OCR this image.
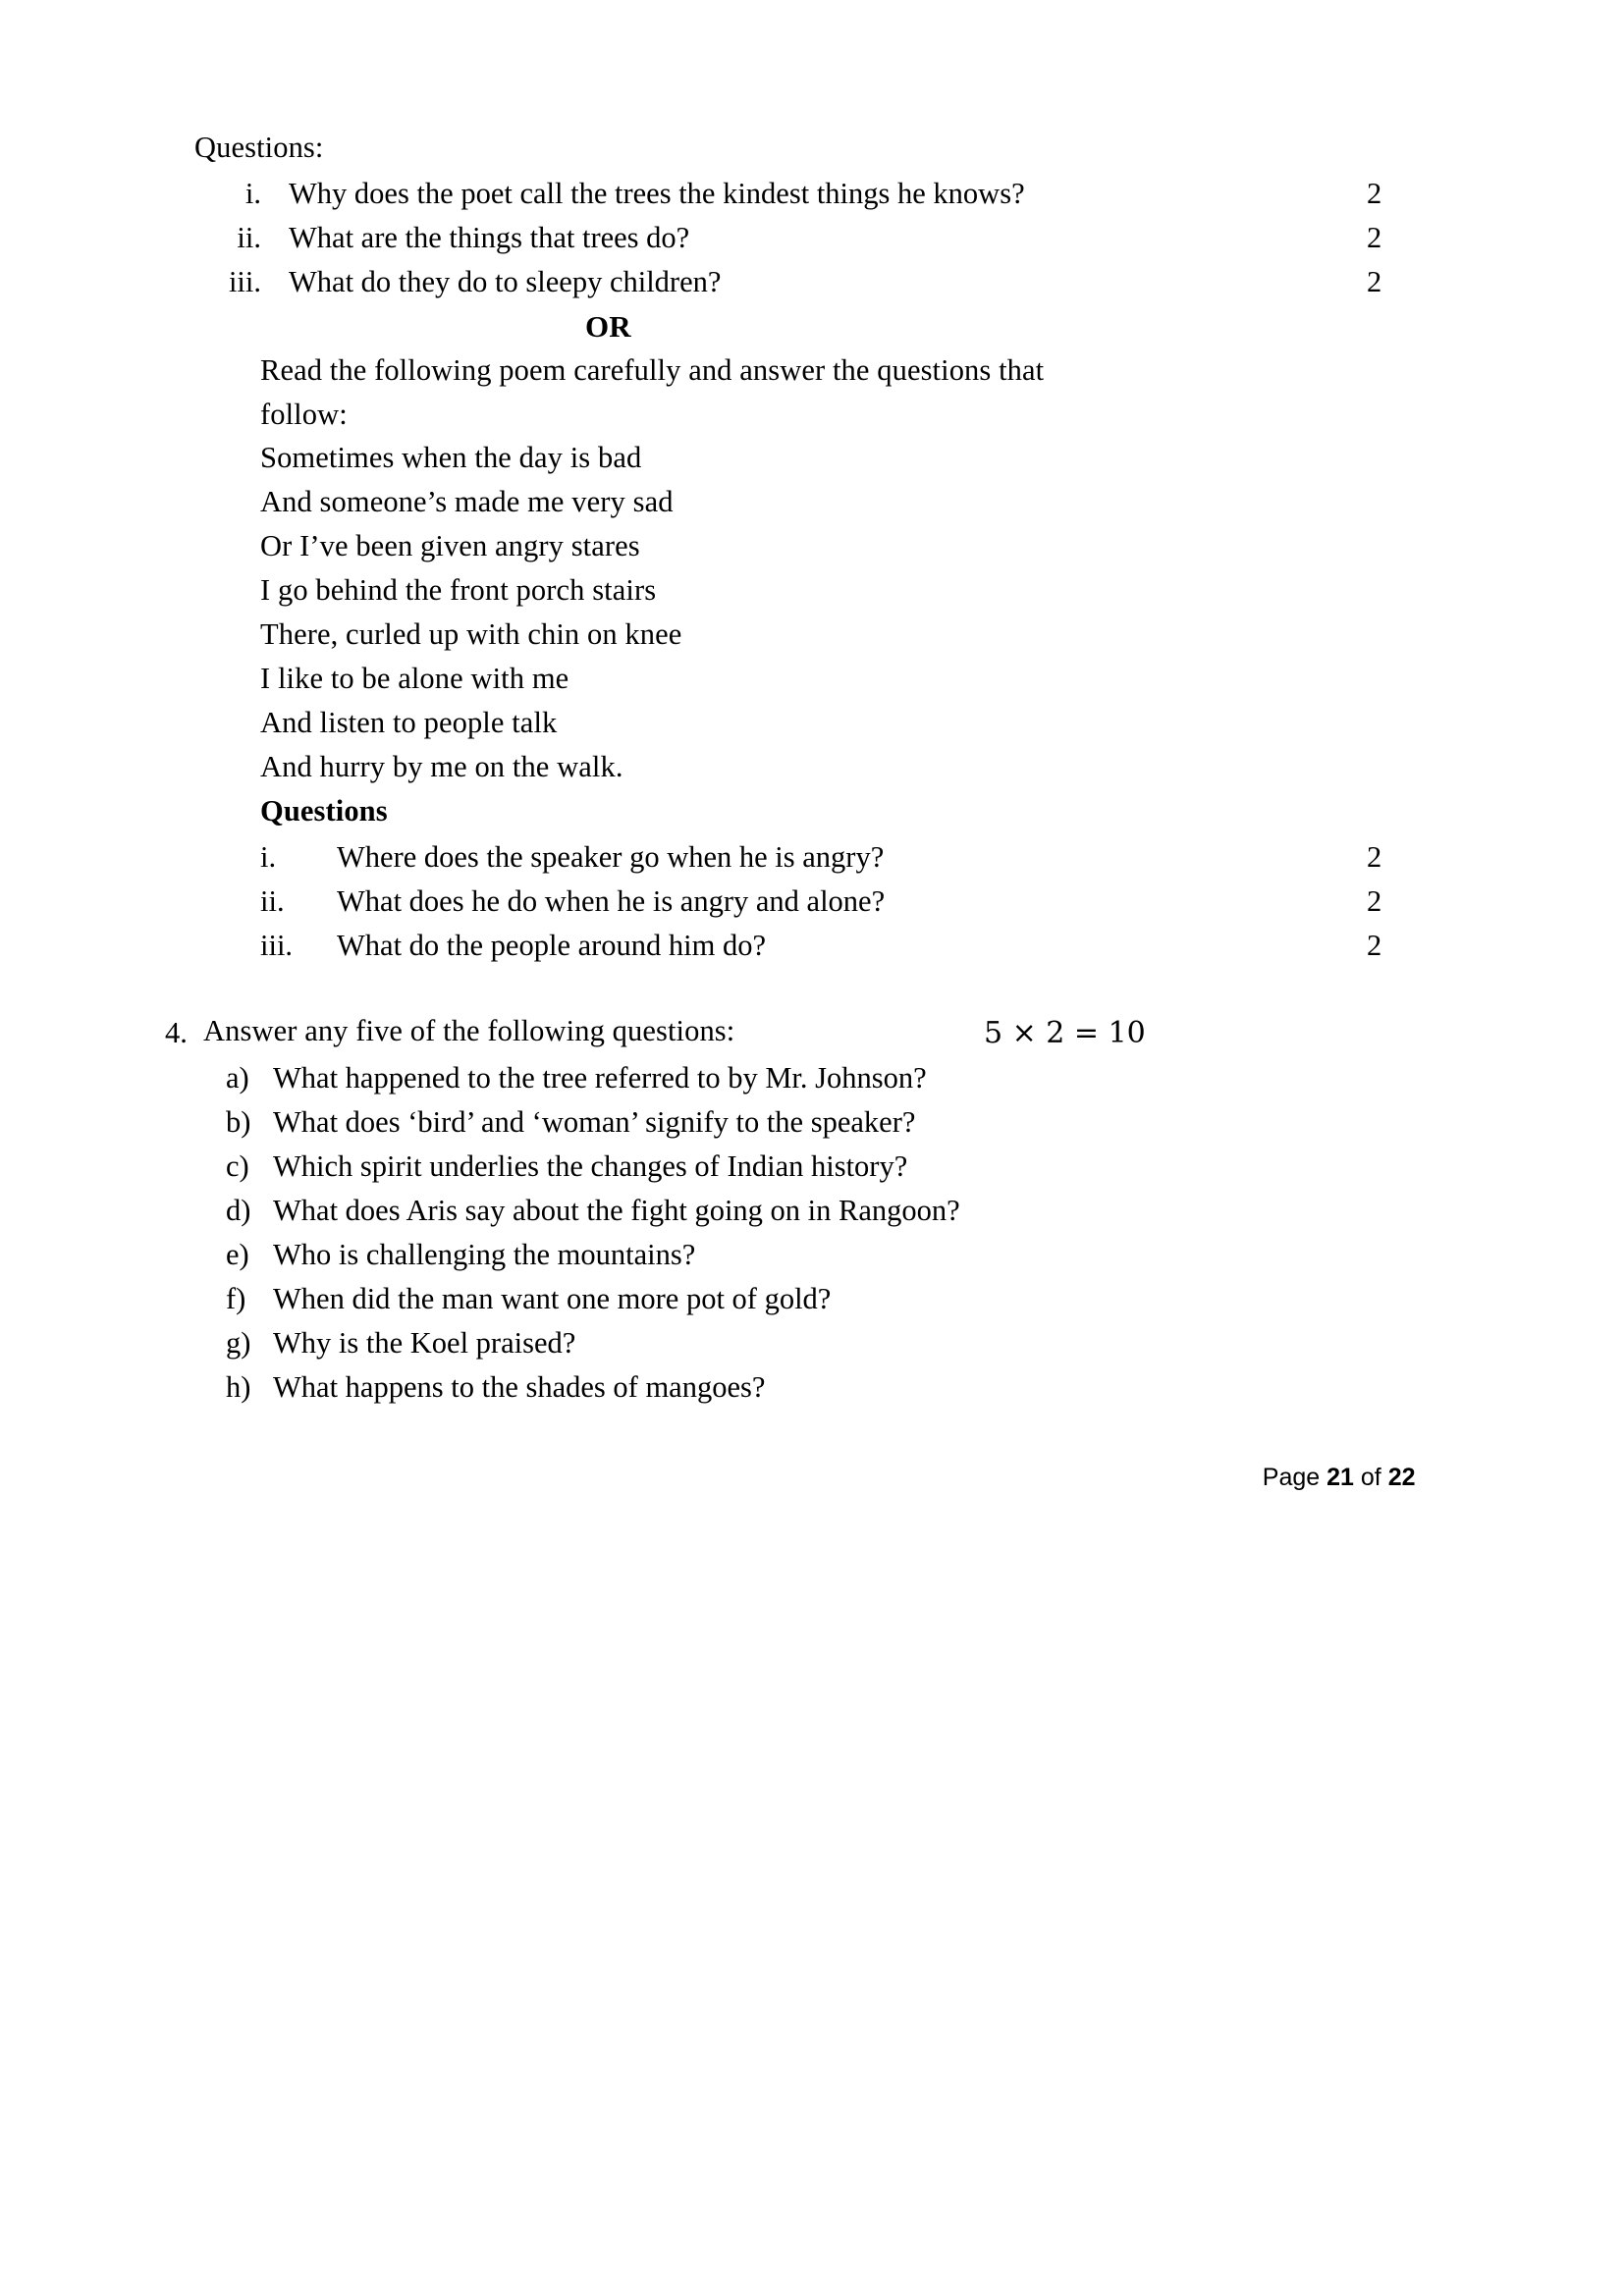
Questions:
i. Why does the poet call the trees the kindest things he knows?	2
ii. What are the things that trees do?	2
iii. What do they do to sleepy children?	2
OR
Read the following poem carefully and answer the questions that
follow:
Sometimes when the day is bad
And someone’s made me very sad
Or I’ve been given angry stares
I go behind the front porch stairs
There, curled up with chin on knee
I like to be alone with me
And listen to people talk
And hurry by me on the walk.
Questions
i.	Where does the speaker go when he is angry?	2
ii.	What does he do when he is angry and alone?	2
iii.	What do the people around him do?	2
4. Answer any five of the following questions:	5 × 2 = 10
a) What happened to the tree referred to by Mr. Johnson?
b) What does ‘bird’ and ‘woman’ signify to the speaker?
c) Which spirit underlies the changes of Indian history?
d) What does Aris say about the fight going on in Rangoon?
e) Who is challenging the mountains?
f) When did the man want one more pot of gold?
g) Why is the Koel praised?
h) What happens to the shades of mangoes?

Page 21 of 22
